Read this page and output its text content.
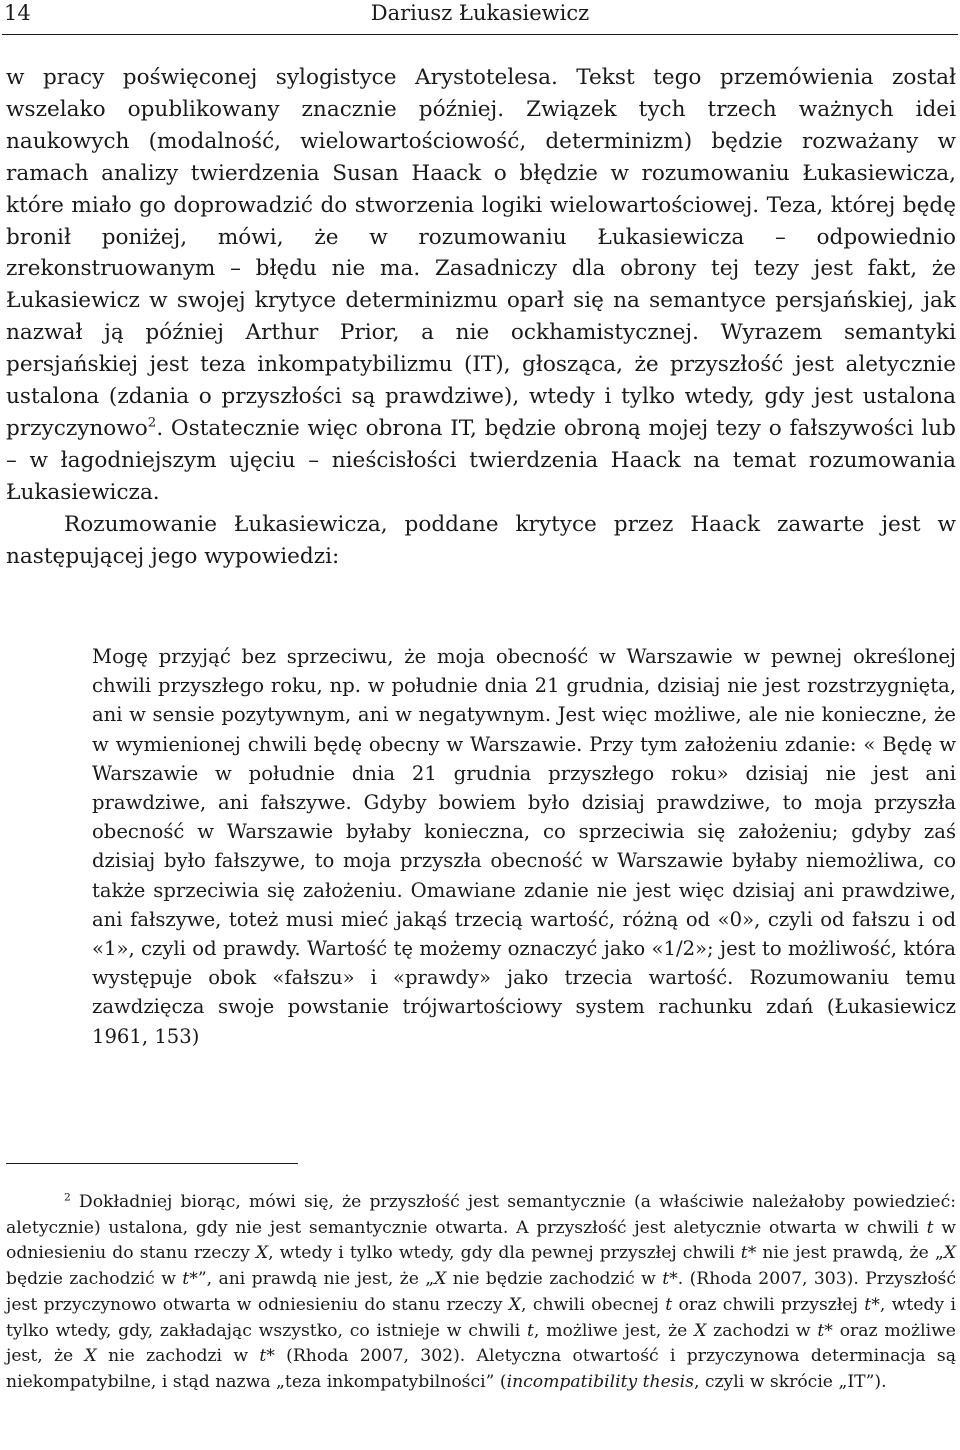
14	Dariusz Łukasiewicz

w pracy poświęconej sylogistyce Arystotelesa. Tekst tego przemówienia został wszelako opublikowany znacznie później. Związek tych trzech ważnych idei naukowych (modalność, wielowartościowość, determinizm) będzie rozważany w ramach analizy twierdzenia Susan Haack o błędzie w rozumowaniu Łukasiewicza, które miało go doprowadzić do stworzenia logiki wielowartościowej. Teza, której będę bronił poniżej, mówi, że w rozumowaniu Łukasiewicza – odpowiednio zrekonstruowanym – błędu nie ma. Zasadniczy dla obrony tej tezy jest fakt, że Łukasiewicz w swojej krytyce determinizmu oparł się na semantyce persjańskiej, jak nazwał ją później Arthur Prior, a nie ockhamistycznej. Wyrazem semantyki persjańskiej jest teza inkompatybilizmu (IT), głosząca, że przyszłość jest aletycznie ustalona (zdania o przyszłości są prawdziwe), wtedy i tylko wtedy, gdy jest ustalona przyczynowo$^2$. Ostatecznie więc obrona IT, będzie obroną mojej tezy o fałszywości lub – w łagodniejszym ujęciu – nieścisłości twierdzenia Haack na temat rozumowania Łukasiewicza.

Rozumowanie Łukasiewicza, poddane krytyce przez Haack zawarte jest w następującej jego wypowiedzi:

Mogę przyjąć bez sprzeciwu, że moja obecność w Warszawie w pewnej określonej chwili przyszłego roku, np. w południe dnia 21 grudnia, dzisiaj nie jest rozstrzygnięta, ani w sensie pozytywnym, ani w negatywnym. Jest więc możliwe, ale nie konieczne, że w wymienionej chwili będę obecny w Warszawie. Przy tym założeniu zdanie: « Będę w Warszawie w południe dnia 21 grudnia przyszłego roku» dzisiaj nie jest ani prawdziwe, ani fałszywe. Gdyby bowiem było dzisiaj prawdziwe, to moja przyszła obecność w Warszawie byłaby konieczna, co sprzeciwia się założeniu; gdyby zaś dzisiaj było fałszywe, to moja przyszła obecność w Warszawie byłaby niemożliwa, co także sprzeciwia się założeniu. Omawiane zdanie nie jest więc dzisiaj ani prawdziwe, ani fałszywe, toteż musi mieć jakąś trzecią wartość, różną od «0», czyli od fałszu i od «1», czyli od prawdy. Wartość tę możemy oznaczyć jako «1/2»; jest to możliwość, która występuje obok «fałszu» i «prawdy» jako trzecia wartość. Rozumowaniu temu zawdzięcza swoje powstanie trójwartościowy system rachunku zdań (Łukasiewicz 1961, 153)

$^2$ Dokładniej biorąc, mówi się, że przyszłość jest semantycznie (a właściwie należałoby powiedzieć: aletycznie) ustalona, gdy nie jest semantycznie otwarta. A przyszłość jest aletycznie otwarta w chwili t w odniesieniu do stanu rzeczy X, wtedy i tylko wtedy, gdy dla pewnej przyszłej chwili t* nie jest prawdą, że „X będzie zachodzić w t*”, ani prawdą nie jest, że „X nie będzie zachodzić w t*. (Rhoda 2007, 303). Przyszłość jest przyczynowo otwarta w odniesieniu do stanu rzeczy X, chwili obecnej t oraz chwili przyszłej t*, wtedy i tylko wtedy, gdy, zakładając wszystko, co istnieje w chwili t, możliwe jest, że X zachodzi w t* oraz możliwe jest, że X nie zachodzi w t* (Rhoda 2007, 302). Aletyczna otwartość i przyczynowa determinacja są niekompatybilne, i stąd nazwa „teza inkompatybilności” (incompatibility thesis, czyli w skrócie „IT”).
